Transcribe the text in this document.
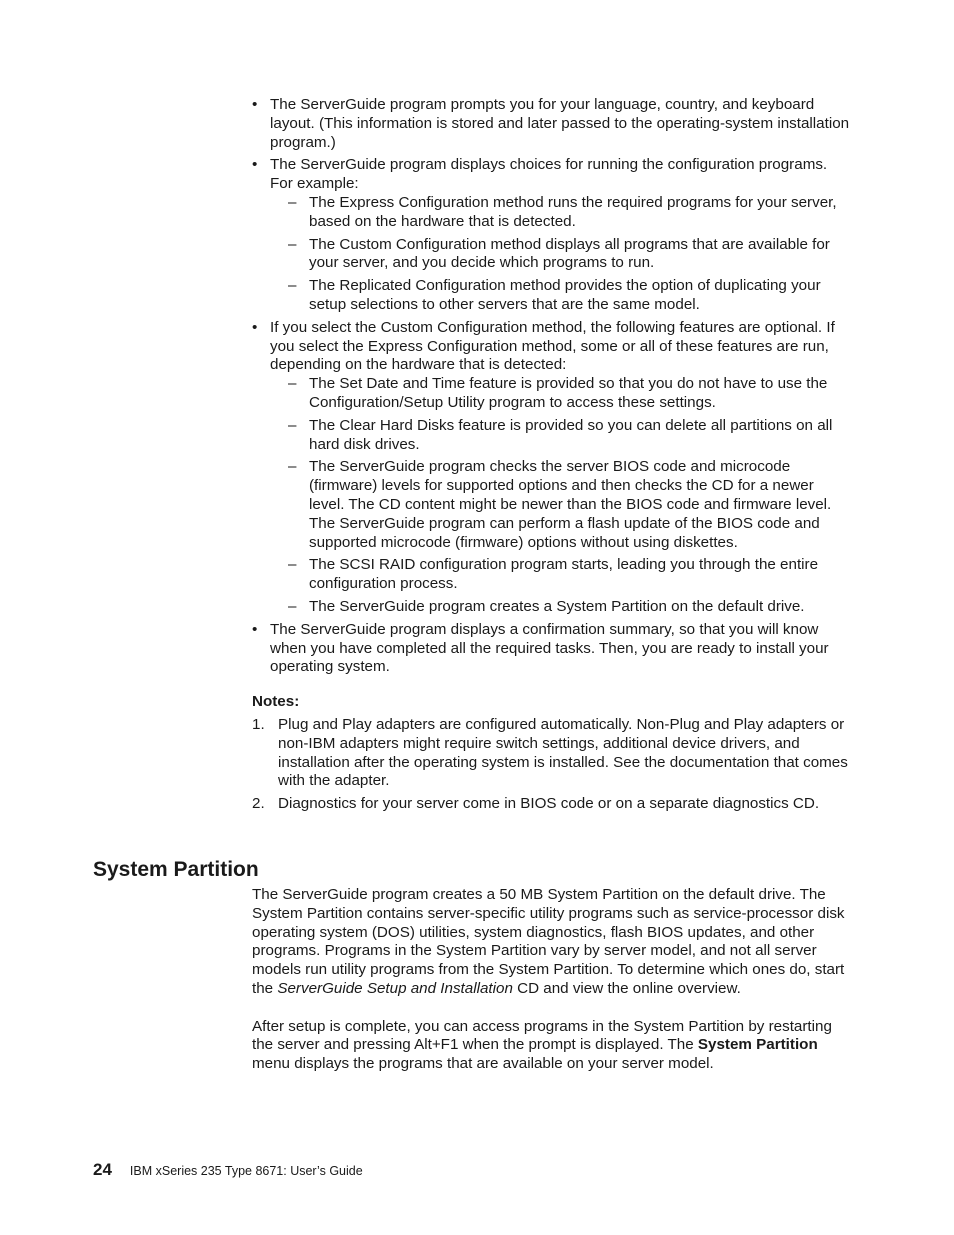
• The ServerGuide program prompts you for your language, country, and keyboard layout. (This information is stored and later passed to the operating-system installation program.)
• The ServerGuide program displays choices for running the configuration programs. For example:
– The Express Configuration method runs the required programs for your server, based on the hardware that is detected.
– The Custom Configuration method displays all programs that are available for your server, and you decide which programs to run.
– The Replicated Configuration method provides the option of duplicating your setup selections to other servers that are the same model.
• If you select the Custom Configuration method, the following features are optional. If you select the Express Configuration method, some or all of these features are run, depending on the hardware that is detected:
– The Set Date and Time feature is provided so that you do not have to use the Configuration/Setup Utility program to access these settings.
– The Clear Hard Disks feature is provided so you can delete all partitions on all hard disk drives.
– The ServerGuide program checks the server BIOS code and microcode (firmware) levels for supported options and then checks the CD for a newer level. The CD content might be newer than the BIOS code and firmware level. The ServerGuide program can perform a flash update of the BIOS code and supported microcode (firmware) options without using diskettes.
– The SCSI RAID configuration program starts, leading you through the entire configuration process.
– The ServerGuide program creates a System Partition on the default drive.
• The ServerGuide program displays a confirmation summary, so that you will know when you have completed all the required tasks. Then, you are ready to install your operating system.
Notes:
1. Plug and Play adapters are configured automatically. Non-Plug and Play adapters or non-IBM adapters might require switch settings, additional device drivers, and installation after the operating system is installed. See the documentation that comes with the adapter.
2. Diagnostics for your server come in BIOS code or on a separate diagnostics CD.
System Partition

The ServerGuide program creates a 50 MB System Partition on the default drive. The System Partition contains server-specific utility programs such as service-processor disk operating system (DOS) utilities, system diagnostics, flash BIOS updates, and other programs. Programs in the System Partition vary by server model, and not all server models run utility programs from the System Partition. To determine which ones do, start the ServerGuide Setup and Installation CD and view the online overview.

After setup is complete, you can access programs in the System Partition by restarting the server and pressing Alt+F1 when the prompt is displayed. The System Partition menu displays the programs that are available on your server model.

24 IBM xSeries 235 Type 8671: User’s Guide
